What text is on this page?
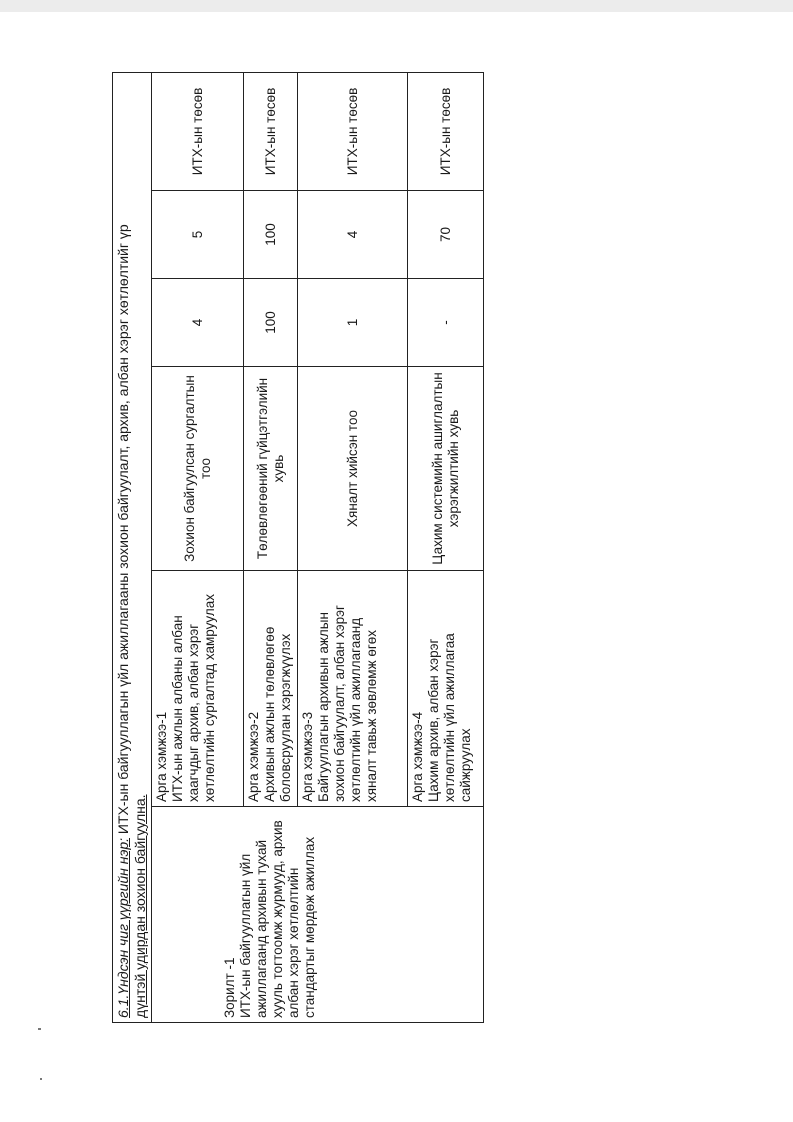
6.1.Үндсэн чиг үүргийн нэр: ИТХ-ын байгууллагын үйл ажиллагааны зохион байгуулалт, архив, албан хэрэг хөтлөлтийг үр
дүнтэй удирдан зохион байгуулна.					

Зорилт -1 ИТХ-ын байгууллагын үйл ажиллагаанд архивын тухай хууль тогтоомж журмууд, архив албан хэрэг хөтлөлтийн стандартыг мөрдөж ажиллах	Арга хэмжээ-1 ИТХ-ын ажлын албаны албан хаагчдыг архив, албан хэрэг хөтлөлтийн сургалтад хамруулах	Зохион байгуулсан сургалтын тоо	4	5	ИТХ-ын төсөв

	Арга хэмжээ-2 Архивын ажлын төлөвлөгөө боловсруулан хэрэгжүүлэх	Төлөвлөгөөний гүйцэтгэлийн хувь	100	100	ИТХ-ын төсөв

	Арга хэмжээ-3 Байгууллагын архивын ажлын зохион байгуулалт, албан хэрэг хөтлөлтийн үйл ажиллагаанд хяналт тавьж зөвлөмж өгөх	Хяналт хийсэн тоо	1	4	ИТХ-ын төсөв

	Арга хэмжээ-4 Цахим архив, албан хэрэг хөтлөлтийн үйл ажиллагаа сайжруулах	Цахим системийн ашиглалтын хэрэгжилтийн хувь	-	70	ИТХ-ын төсөв
